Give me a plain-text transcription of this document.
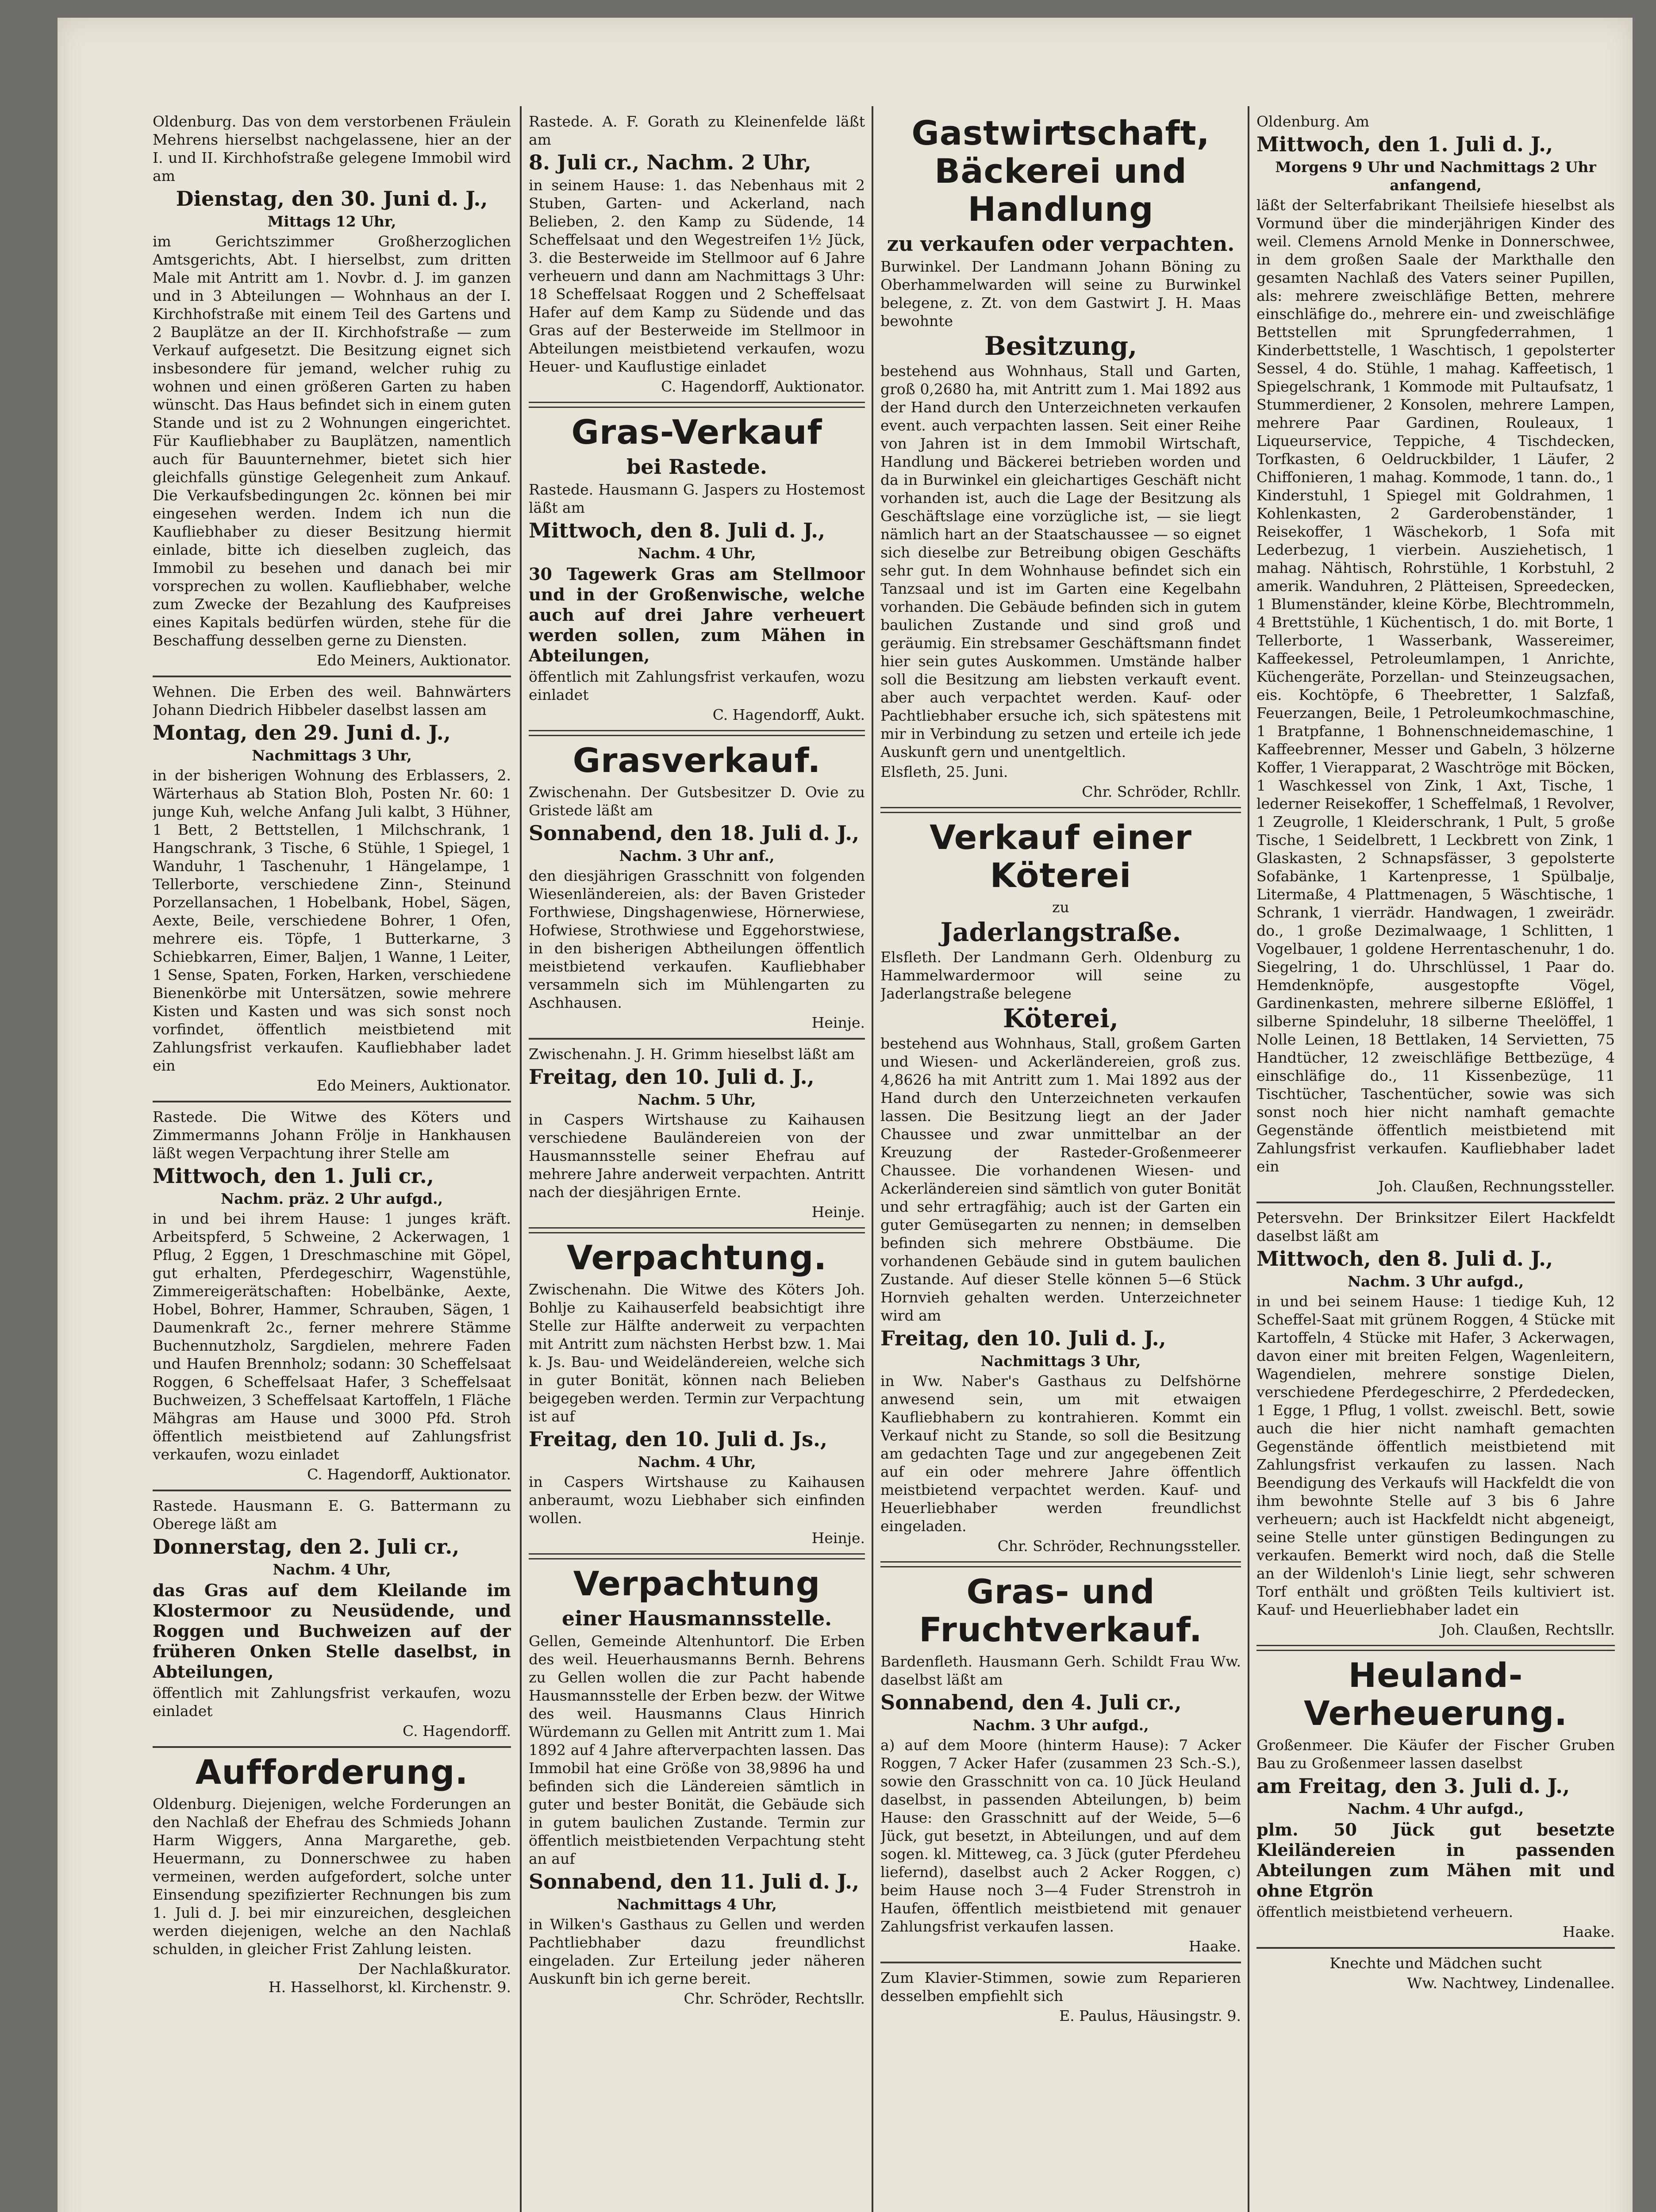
Oldenburg. Das von dem verstorbenen Fräulein Mehrens hierselbst nachgelassene, hier an der I. und II. Kirchhofstraße gelegene Immobil wird am

Dienstag, den 30. Juni d. J.,

Mittags 12 Uhr,

im Gerichtszimmer Großherzoglichen Amtsgerichts, Abt. I hierselbst, zum dritten Male mit Antritt am 1. Novbr. d. J. im ganzen und in 3 Abteilungen — Wohnhaus an der I. Kirchhofstraße mit einem Teil des Gartens und 2 Bauplätze an der II. Kirchhofstraße — zum Verkauf aufgesetzt. Die Besitzung eignet sich insbesondere für jemand, welcher ruhig zu wohnen und einen größeren Garten zu haben wünscht. Das Haus befindet sich in einem guten Stande und ist zu 2 Wohnungen eingerichtet. Für Kaufliebhaber zu Bauplätzen, namentlich auch für Bauunternehmer, bietet sich hier gleichfalls günstige Gelegenheit zum Ankauf. Die Verkaufsbedingungen 2c. können bei mir eingesehen werden. Indem ich nun die Kaufliebhaber zu dieser Besitzung hiermit einlade, bitte ich dieselben zugleich, das Immobil zu besehen und danach bei mir vorsprechen zu wollen. Kaufliebhaber, welche zum Zwecke der Bezahlung des Kaufpreises eines Kapitals bedürfen würden, stehe für die Beschaffung desselben gerne zu Diensten.

Edo Meiners, Auktionator.

Wehnen. Die Erben des weil. Bahnwärters Johann Diedrich Hibbeler daselbst lassen am

Montag, den 29. Juni d. J.,

Nachmittags 3 Uhr,

in der bisherigen Wohnung des Erblassers, 2. Wärterhaus ab Station Bloh, Posten Nr. 60: 1 junge Kuh, welche Anfang Juli kalbt, 3 Hühner, 1 Bett, 2 Bettstellen, 1 Milchschrank, 1 Hangschrank, 3 Tische, 6 Stühle, 1 Spiegel, 1 Wanduhr, 1 Taschenuhr, 1 Hängelampe, 1 Tellerborte, verschiedene Zinn-, Steinund Porzellansachen, 1 Hobelbank, Hobel, Sägen, Aexte, Beile, verschiedene Bohrer, 1 Ofen, mehrere eis. Töpfe, 1 Butterkarne, 3 Schiebkarren, Eimer, Baljen, 1 Wanne, 1 Leiter, 1 Sense, Spaten, Forken, Harken, verschiedene Bienenkörbe mit Untersätzen, sowie mehrere Kisten und Kasten und was sich sonst noch vorfindet, öffentlich meistbietend mit Zahlungsfrist verkaufen. Kaufliebhaber ladet ein

Edo Meiners, Auktionator.

Rastede. Die Witwe des Köters und Zimmermanns Johann Frölje in Hankhausen läßt wegen Verpachtung ihrer Stelle am

Mittwoch, den 1. Juli cr.,

Nachm. präz. 2 Uhr aufgd.,

in und bei ihrem Hause: 1 junges kräft. Arbeitspferd, 5 Schweine, 2 Ackerwagen, 1 Pflug, 2 Eggen, 1 Dreschmaschine mit Göpel, gut erhalten, Pferdegeschirr, Wagenstühle, Zimmereigerätschaften: Hobelbänke, Aexte, Hobel, Bohrer, Hammer, Schrauben, Sägen, 1 Daumenkraft 2c., ferner mehrere Stämme Buchennutzholz, Sargdielen, mehrere Faden und Haufen Brennholz; sodann: 30 Scheffelsaat Roggen, 6 Scheffelsaat Hafer, 3 Scheffelsaat Buchweizen, 3 Scheffelsaat Kartoffeln, 1 Fläche Mähgras am Hause und 3000 Pfd. Stroh öffentlich meistbietend auf Zahlungsfrist verkaufen, wozu einladet

C. Hagendorff, Auktionator.

Rastede. Hausmann E. G. Battermann zu Oberege läßt am

Donnerstag, den 2. Juli cr.,

Nachm. 4 Uhr,

das Gras auf dem Kleilande im Klostermoor zu Neusüdende, und Roggen und Buchweizen auf der früheren Onken Stelle daselbst, in Abteilungen,

öffentlich mit Zahlungsfrist verkaufen, wozu einladet

C. Hagendorff.
Aufforderung.

Oldenburg. Diejenigen, welche Forderungen an den Nachlaß der Ehefrau des Schmieds Johann Harm Wiggers, Anna Margarethe, geb. Heuermann, zu Donnerschwee zu haben vermeinen, werden aufgefordert, solche unter Einsendung spezifizierter Rechnungen bis zum 1. Juli d. J. bei mir einzureichen, desgleichen werden diejenigen, welche an den Nachlaß schulden, in gleicher Frist Zahlung leisten.

Der Nachlaßkurator.
H. Hasselhorst, kl. Kirchenstr. 9.

Rastede. A. F. Gorath zu Kleinenfelde läßt am

8. Juli cr., Nachm. 2 Uhr,

in seinem Hause: 1. das Nebenhaus mit 2 Stuben, Garten- und Ackerland, nach Belieben, 2. den Kamp zu Südende, 14 Scheffelsaat und den Wegestreifen 1½ Jück, 3. die Besterweide im Stellmoor auf 6 Jahre verheuern und dann am Nachmittags 3 Uhr: 18 Scheffelsaat Roggen und 2 Scheffelsaat Hafer auf dem Kamp zu Südende und das Gras auf der Besterweide im Stellmoor in Abteilungen meistbietend verkaufen, wozu Heuer- und Kauflustige einladet

C. Hagendorff, Auktionator.
Gras-Verkauf
bei Rastede.

Rastede. Hausmann G. Jaspers zu Hostemost läßt am

Mittwoch, den 8. Juli d. J.,

Nachm. 4 Uhr,

30 Tagewerk Gras am Stellmoor und in der Großenwische, welche auch auf drei Jahre verheuert werden sollen, zum Mähen in Abteilungen,

öffentlich mit Zahlungsfrist verkaufen, wozu einladet

C. Hagendorff, Aukt.
Grasverkauf.

Zwischenahn. Der Gutsbesitzer D. Ovie zu Gristede läßt am

Sonnabend, den 18. Juli d. J.,

Nachm. 3 Uhr anf.,

den diesjährigen Grasschnitt von folgenden Wiesenländereien, als: der Baven Gristeder Forthwiese, Dingshagenwiese, Hörnerwiese, Hofwiese, Strothwiese und Eggehorstwiese, in den bisherigen Abtheilungen öffentlich meistbietend verkaufen. Kaufliebhaber versammeln sich im Mühlengarten zu Aschhausen.

Heinje.

Zwischenahn. J. H. Grimm hieselbst läßt am

Freitag, den 10. Juli d. J.,

Nachm. 5 Uhr,

in Caspers Wirtshause zu Kaihausen verschiedene Bauländereien von der Hausmannsstelle seiner Ehefrau auf mehrere Jahre anderweit verpachten. Antritt nach der diesjährigen Ernte.

Heinje.
Verpachtung.

Zwischenahn. Die Witwe des Köters Joh. Bohlje zu Kaihauserfeld beabsichtigt ihre Stelle zur Hälfte anderweit zu verpachten mit Antritt zum nächsten Herbst bzw. 1. Mai k. Js. Bau- und Weideländereien, welche sich in guter Bonität, können nach Belieben beigegeben werden. Termin zur Verpachtung ist auf

Freitag, den 10. Juli d. Js.,

Nachm. 4 Uhr,

in Caspers Wirtshause zu Kaihausen anberaumt, wozu Liebhaber sich einfinden wollen.

Heinje.
Verpachtung
einer Hausmannsstelle.

Gellen, Gemeinde Altenhuntorf. Die Erben des weil. Heuerhausmanns Bernh. Behrens zu Gellen wollen die zur Pacht habende Hausmannsstelle der Erben bezw. der Witwe des weil. Hausmanns Claus Hinrich Würdemann zu Gellen mit Antritt zum 1. Mai 1892 auf 4 Jahre afterverpachten lassen. Das Immobil hat eine Größe von 38,9896 ha und befinden sich die Ländereien sämtlich in guter und bester Bonität, die Gebäude sich in gutem baulichen Zustande. Termin zur öffentlich meistbietenden Verpachtung steht an auf

Sonnabend, den 11. Juli d. J.,

Nachmittags 4 Uhr,

in Wilken's Gasthaus zu Gellen und werden Pachtliebhaber dazu freundlichst eingeladen. Zur Erteilung jeder näheren Auskunft bin ich gerne bereit.

Chr. Schröder, Rechtsllr.
Gastwirtschaft, Bäckerei und Handlung
zu verkaufen oder verpachten.

Burwinkel. Der Landmann Johann Böning zu Oberhammelwarden will seine zu Burwinkel belegene, z. Zt. von dem Gastwirt J. H. Maas bewohnte

Besitzung,

bestehend aus Wohnhaus, Stall und Garten, groß 0,2680 ha, mit Antritt zum 1. Mai 1892 aus der Hand durch den Unterzeichneten verkaufen event. auch verpachten lassen. Seit einer Reihe von Jahren ist in dem Immobil Wirtschaft, Handlung und Bäckerei betrieben worden und da in Burwinkel ein gleichartiges Geschäft nicht vorhanden ist, auch die Lage der Besitzung als Geschäftslage eine vorzügliche ist, — sie liegt nämlich hart an der Staatschaussee — so eignet sich dieselbe zur Betreibung obigen Geschäfts sehr gut. In dem Wohnhause befindet sich ein Tanzsaal und ist im Garten eine Kegelbahn vorhanden. Die Gebäude befinden sich in gutem baulichen Zustande und sind groß und geräumig. Ein strebsamer Geschäftsmann findet hier sein gutes Auskommen. Umstände halber soll die Besitzung am liebsten verkauft event. aber auch verpachtet werden. Kauf- oder Pachtliebhaber ersuche ich, sich spätestens mit mir in Verbindung zu setzen und erteile ich jede Auskunft gern und unentgeltlich.

Elsfleth, 25. Juni.

Chr. Schröder, Rchllr.
Verkauf einer Köterei

zu

Jaderlangstraße.

Elsfleth. Der Landmann Gerh. Oldenburg zu Hammelwardermoor will seine zu Jaderlangstraße belegene

Köterei,

bestehend aus Wohnhaus, Stall, großem Garten und Wiesen- und Ackerländereien, groß zus. 4,8626 ha mit Antritt zum 1. Mai 1892 aus der Hand durch den Unterzeichneten verkaufen lassen. Die Besitzung liegt an der Jader Chaussee und zwar unmittelbar an der Kreuzung der Rasteder-Großenmeerer Chaussee. Die vorhandenen Wiesen- und Ackerländereien sind sämtlich von guter Bonität und sehr ertragfähig; auch ist der Garten ein guter Gemüsegarten zu nennen; in demselben befinden sich mehrere Obstbäume. Die vorhandenen Gebäude sind in gutem baulichen Zustande. Auf dieser Stelle können 5—6 Stück Hornvieh gehalten werden. Unterzeichneter wird am

Freitag, den 10. Juli d. J.,

Nachmittags 3 Uhr,

in Ww. Naber's Gasthaus zu Delfshörne anwesend sein, um mit etwaigen Kaufliebhabern zu kontrahieren. Kommt ein Verkauf nicht zu Stande, so soll die Besitzung am gedachten Tage und zur angegebenen Zeit auf ein oder mehrere Jahre öffentlich meistbietend verpachtet werden. Kauf- und Heuerliebhaber werden freundlichst eingeladen.

Chr. Schröder, Rechnungssteller.
Gras- und Fruchtverkauf.

Bardenfleth. Hausmann Gerh. Schildt Frau Ww. daselbst läßt am

Sonnabend, den 4. Juli cr.,

Nachm. 3 Uhr aufgd.,

a) auf dem Moore (hinterm Hause): 7 Acker Roggen, 7 Acker Hafer (zusammen 23 Sch.-S.), sowie den Grasschnitt von ca. 10 Jück Heuland daselbst, in passenden Abteilungen, b) beim Hause: den Grasschnitt auf der Weide, 5—6 Jück, gut besetzt, in Abteilungen, und auf dem sogen. kl. Mitteweg, ca. 3 Jück (guter Pferdeheu liefernd), daselbst auch 2 Acker Roggen, c) beim Hause noch 3—4 Fuder Strenstroh in Haufen, öffentlich meistbietend mit genauer Zahlungsfrist verkaufen lassen.

Haake.

Zum Klavier-Stimmen, sowie zum Reparieren desselben empfiehlt sich

E. Paulus, Häusingstr. 9.

Oldenburg. Am

Mittwoch, den 1. Juli d. J.,

Morgens 9 Uhr und Nachmittags 2 Uhr anfangend,

läßt der Selterfabrikant Theilsiefe hieselbst als Vormund über die minderjährigen Kinder des weil. Clemens Arnold Menke in Donnerschwee, in dem großen Saale der Markthalle den gesamten Nachlaß des Vaters seiner Pupillen, als: mehrere zweischläfige Betten, mehrere einschläfige do., mehrere ein- und zweischläfige Bettstellen mit Sprungfederrahmen, 1 Kinderbettstelle, 1 Waschtisch, 1 gepolsterter Sessel, 4 do. Stühle, 1 mahag. Kaffeetisch, 1 Spiegelschrank, 1 Kommode mit Pultaufsatz, 1 Stummerdiener, 2 Konsolen, mehrere Lampen, mehrere Paar Gardinen, Rouleaux, 1 Liqueurservice, Teppiche, 4 Tischdecken, Torfkasten, 6 Oeldruckbilder, 1 Läufer, 2 Chiffonieren, 1 mahag. Kommode, 1 tann. do., 1 Kinderstuhl, 1 Spiegel mit Goldrahmen, 1 Kohlenkasten, 2 Garderobenständer, 1 Reisekoffer, 1 Wäschekorb, 1 Sofa mit Lederbezug, 1 vierbein. Ausziehetisch, 1 mahag. Nähtisch, Rohrstühle, 1 Korbstuhl, 2 amerik. Wanduhren, 2 Plätteisen, Spreedecken, 1 Blumenständer, kleine Körbe, Blechtrommeln, 4 Brettstühle, 1 Küchentisch, 1 do. mit Borte, 1 Tellerborte, 1 Wasserbank, Wassereimer, Kaffeekessel, Petroleumlampen, 1 Anrichte, Küchengeräte, Porzellan- und Steinzeugsachen, eis. Kochtöpfe, 6 Theebretter, 1 Salzfaß, Feuerzangen, Beile, 1 Petroleumkochmaschine, 1 Bratpfanne, 1 Bohnenschneidemaschine, 1 Kaffeebrenner, Messer und Gabeln, 3 hölzerne Koffer, 1 Vierapparat, 2 Waschtröge mit Böcken, 1 Waschkessel von Zink, 1 Axt, Tische, 1 lederner Reisekoffer, 1 Scheffelmaß, 1 Revolver, 1 Zeugrolle, 1 Kleiderschrank, 1 Pult, 5 große Tische, 1 Seidelbrett, 1 Leckbrett von Zink, 1 Glaskasten, 2 Schnapsfässer, 3 gepolsterte Sofabänke, 1 Kartenpresse, 1 Spülbalje, Litermaße, 4 Plattmenagen, 5 Wäschtische, 1 Schrank, 1 vierrädr. Handwagen, 1 zweirädr. do., 1 große Dezimalwaage, 1 Schlitten, 1 Vogelbauer, 1 goldene Herrentaschenuhr, 1 do. Siegelring, 1 do. Uhrschlüssel, 1 Paar do. Hemdenknöpfe, ausgestopfte Vögel, Gardinenkasten, mehrere silberne Eßlöffel, 1 silberne Spindeluhr, 18 silberne Theelöffel, 1 Nolle Leinen, 18 Bettlaken, 14 Servietten, 75 Handtücher, 12 zweischläfige Bettbezüge, 4 einschläfige do., 11 Kissenbezüge, 11 Tischtücher, Taschentücher, sowie was sich sonst noch hier nicht namhaft gemachte Gegenstände öffentlich meistbietend mit Zahlungsfrist verkaufen. Kaufliebhaber ladet ein

Joh. Claußen, Rechnungssteller.

Petersvehn. Der Brinksitzer Eilert Hackfeldt daselbst läßt am

Mittwoch, den 8. Juli d. J.,

Nachm. 3 Uhr aufgd.,

in und bei seinem Hause: 1 tiedige Kuh, 12 Scheffel-Saat mit grünem Roggen, 4 Stücke mit Kartoffeln, 4 Stücke mit Hafer, 3 Ackerwagen, davon einer mit breiten Felgen, Wagenleitern, Wagendielen, mehrere sonstige Dielen, verschiedene Pferdegeschirre, 2 Pferdedecken, 1 Egge, 1 Pflug, 1 vollst. zweischl. Bett, sowie auch die hier nicht namhaft gemachten Gegenstände öffentlich meistbietend mit Zahlungsfrist verkaufen zu lassen. Nach Beendigung des Verkaufs will Hackfeldt die von ihm bewohnte Stelle auf 3 bis 6 Jahre verheuern; auch ist Hackfeldt nicht abgeneigt, seine Stelle unter günstigen Bedingungen zu verkaufen. Bemerkt wird noch, daß die Stelle an der Wildenloh's Linie liegt, sehr schweren Torf enthält und größten Teils kultiviert ist. Kauf- und Heuerliebhaber ladet ein

Joh. Claußen, Rechtsllr.
Heuland-Verheuerung.

Großenmeer. Die Käufer der Fischer Gruben Bau zu Großenmeer lassen daselbst

am Freitag, den 3. Juli d. J.,

Nachm. 4 Uhr aufgd.,

plm. 50 Jück gut besetzte Kleiländereien in passenden Abteilungen zum Mähen mit und ohne Etgrön

öffentlich meistbietend verheuern.

Haake.

Knechte und Mädchen sucht

Ww. Nachtwey, Lindenallee.
